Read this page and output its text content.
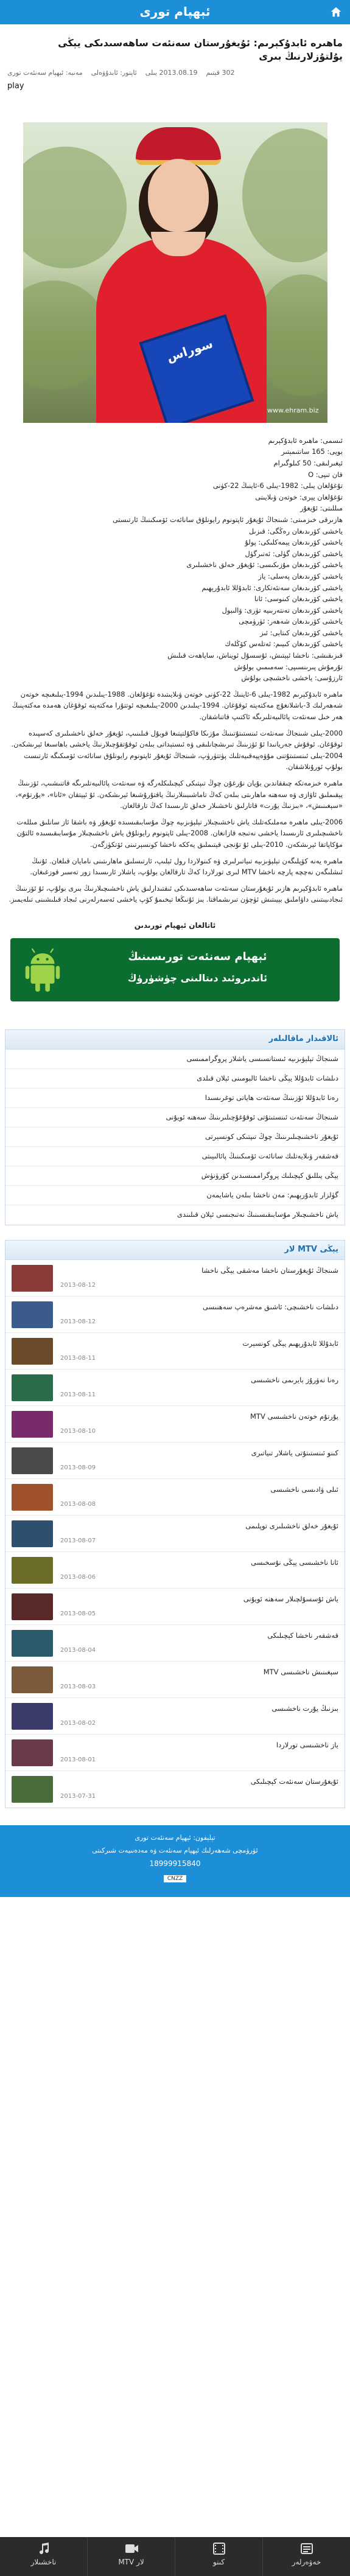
ئېھپام تورى
ماھىرە ئابدۇكېرىم: ئۇيغۇرستان سەنئەت ساھەسىدىكى يېڭى يۇلتۇزلارنىڭ بىرى
مەنبە: ئېھپام سەنئەت تورى ئاپتور: ئابدۇۋەلى 2013.08.19 يىلى 302 قېتىم
play
سوراس
www.ehram.biz

ئىسمى: ماھىرە ئابدۇكېرىم

بويى: 165 سانتىمېتىر

ئېغىرلىقى: 50 كىلوگىرام

قان تىپى: O

تۇغۇلغان يىلى: 1982-يىلى 6-ئاينىڭ 22-كۈنى

تۇغۇلغان يېرى: خوتەن ۋىلايىتى

مىللىتى: ئۇيغۇر

ھازىرقى خىزمىتى: شىنجاڭ ئۇيغۇر ئاپتونوم رايونلۇق سانائەت ئۆمىكىنىڭ ئارتىستى

ياخشى كۆرىدىغان رەڭگى: قىزىل

ياخشى كۆرىدىغان يېمەكلىكى: پولۇ

ياخشى كۆرىدىغان گۈلى: ئەتىرگۈل

ياخشى كۆرىدىغان مۇزىكىسى: ئۇيغۇر خەلق ناخشىلىرى

ياخشى كۆرىدىغان پەسلى: ياز

ياخشى كۆرىدىغان سەنئەتكارى: ئابدۇللا ئابدۇرېھىم

ياخشى كۆرىدىغان كىنوسى: ئانا

ياخشى كۆرىدىغان تەنتەربىيە تۈرى: ۋالىبول

ياخشى كۆرىدىغان شەھەر: ئۈرۈمچى

ياخشى كۆرىدىغان كىتابى: ئىز

ياخشى كۆرىدىغان كىيىم: ئەتلەس كۆڭلەك

قىزىقىشى: ناخشا ئېيتىش، ئۇسسۇل ئويناش، ساياھەت قىلىش

تۇرمۇش پىرىنسىپى: سەمىمىي بولۇش

ئارزۇسى: ياخشى ناخشىچى بولۇش

ماھىرە ئابدۇكېرىم 1982-يىلى 6-ئاينىڭ 22-كۈنى خوتەن ۋىلايىتىدە تۇغۇلغان. 1988-يىلىدىن 1994-يىلىغىچە خوتەن شەھەرلىك 3-باشلانغۇچ مەكتەپتە ئوقۇغان. 1994-يىلىدىن 2000-يىلىغىچە ئوتتۇرا مەكتەپتە ئوقۇغان ھەمدە مەكتەپنىڭ ھەر خىل سەنئەت پائالىيەتلىرىگە ئاكتىپ قاتناشقان.

2000-يىلى شىنجاڭ سەنئەت ئىنستىتۇتىنىڭ مۇزىكا فاكۇلتېتىغا قوبۇل قىلىنىپ، ئۇيغۇر خەلق ناخشىلىرى كەسپىدە ئوقۇغان. ئوقۇش جەريانىدا ئۇ ئۆزىنىڭ تىرىشچانلىقى ۋە ئىستېداتى بىلەن ئوقۇتقۇچىلارنىڭ ياخشى باھاسىغا ئېرىشكەن. 2004-يىلى ئىنستىتۇتنى مۇۋەپپەقىيەتلىك پۈتتۈرۈپ، شىنجاڭ ئۇيغۇر ئاپتونوم رايونلۇق سانائەت ئۆمىكىگە ئارتىست بولۇپ ئورۇنلاشقان.

ماھىرە خىزمەتكە چىققاندىن بۇيان نۇرغۇن چوڭ تىپتىكى كېچىلىكلەرگە ۋە سەنئەت پائالىيەتلىرىگە قاتنىشىپ، ئۆزىنىڭ يېقىملىق ئاۋازى ۋە سەھنە ماھارىتى بىلەن كەڭ تاماشىبىنلارنىڭ ياقتۇرۇشىغا ئېرىشكەن. ئۇ ئېيتقان «ئانا»، «يۇرتۇم»، «سېغىنىش»، «بىزنىڭ يۇرت» قاتارلىق ناخشىلار خەلق ئارىسىدا كەڭ تارقالغان.

2006-يىلى ماھىرە مەملىكەتلىك ياش ناخشىچىلار تېلېۋىزىيە چوڭ مۇسابىقىسىدە ئۇيغۇر ۋە باشقا ئاز سانلىق مىللەت ناخشىچىلىرى ئارىسىدا ياخشى نەتىجە قازانغان. 2008-يىلى ئاپتونوم رايونلۇق ياش ناخشىچىلار مۇسابىقىسىدە ئالتۇن مۇكاپاتقا ئېرىشكەن. 2010-يىلى ئۇ تۇنجى قېتىملىق يەككە ناخشا كونسېرتىنى ئۆتكۈزگەن.

ماھىرە يەنە كۆپلىگەن تېلېۋىزىيە تىياتىرلىرى ۋە كىنولاردا رول ئېلىپ، ئارتىسلىق ماھارىتىنى نامايان قىلغان. ئۇنىڭ ئىشلىگەن نەچچە پارچە ناخشا MTV لىرى تورلاردا كەڭ تارقالغان بولۇپ، ياشلار ئارىسىدا زور تەسىر قوزغىغان.

ماھىرە ئابدۇكېرىم ھازىر ئۇيغۇرستان سەنئەت ساھەسىدىكى ئىقتىدارلىق ياش ناخشىچىلارنىڭ بىرى بولۇپ، ئۇ ئۆزىنىڭ ئىجادىيىتىنى داۋاملىق بېيىتىش ئۈچۈن تىرىشماقتا. بىز ئۇنىڭغا تېخىمۇ كۆپ ياخشى ئەسەرلەرنى ئىجاد قىلىشىنى تىلەيمىز.

ئاتالغان ئېھپام تورىدىن
ئېھپام سەنئەت تورىسىنىڭ
ئاندىروئىد دىتالىنى چۈشۈرۈڭ
ئالاقىدار ماقالىلەر
شىنجاڭ تېلېۋىزىيە ئىستانسىسى ياشلار پروگراممىسى
دىلشات ئابدۇللا يېڭى ناخشا ئالبومىنى ئېلان قىلدى
رەنا ئابدۇللا ئۆزىنىڭ سەنئەت ھاياتى توغرىسىدا
شىنجاڭ سەنئەت ئىنستىتۇتى ئوقۇغۇچىلىرىنىڭ سەھنە ئويۇنى
ئۇيغۇر ناخشىچىلىرىنىڭ چوڭ تىپتىكى كونسېرتى
قەشقەر ۋىلايەتلىك سانائەت ئۆمىكىنىڭ پائالىيىتى
يېڭى يىللىق كېچىلىك پروگراممىسىدىن كۆرۈنۈش
گۈلزار ئابدۇرېھىم: مەن ناخشا بىلەن ياشايمەن
ياش ناخشىچىلار مۇسابىقىسىنىڭ نەتىجىسى ئېلان قىلىندى
يېڭى MTV لار
شىنجاڭ ئۇيغۇرستان ناخشا مەشقى يېڭى ناخشا
2013-08-12
دىلشات ناخشىچى: ئاشىق مەشرەپ سەھنىسى
2013-08-12
ئابدۇللا ئابدۇرېھىم يېڭى كونسېرت
2013-08-11
رەنا نەۋرۇز بايرىمى ناخشىسى
2013-08-11
يۇرتۇم خوتەن ناخشىسى MTV
2013-08-10
كىنو ئىنستىتۇتى ياشلار تىياتىرى
2013-08-09
ئىلى ۋادىسى ناخشىسى
2013-08-08
ئۇيغۇر خەلق ناخشىلىرى توپلىمى
2013-08-07
ئانا ناخشىسى يېڭى نۇسخىسى
2013-08-06
ياش ئۇسسۇلچىلار سەھنە ئويۇنى
2013-08-05
قەشقەر ناخشا كېچىلىكى
2013-08-04
سېغىنىش ناخشىسى MTV
2013-08-03
بىزنىڭ يۇرت ناخشىسى
2013-08-02
ياز ناخشىسى تورلاردا
2013-08-01
ئۇيغۇرستان سەنئەت كېچىلىكى
2013-07-31
تېلېفون: ئېھپام سەنئەت تورى
ئۈرۈمچى شەھەرلىك ئېھپام سەنئەت ۋە مەدەنىيەت شىركىتى
18999915840
CNZZ
ناخشىلار	MTV لار	كىنو	خەۋەرلەر
